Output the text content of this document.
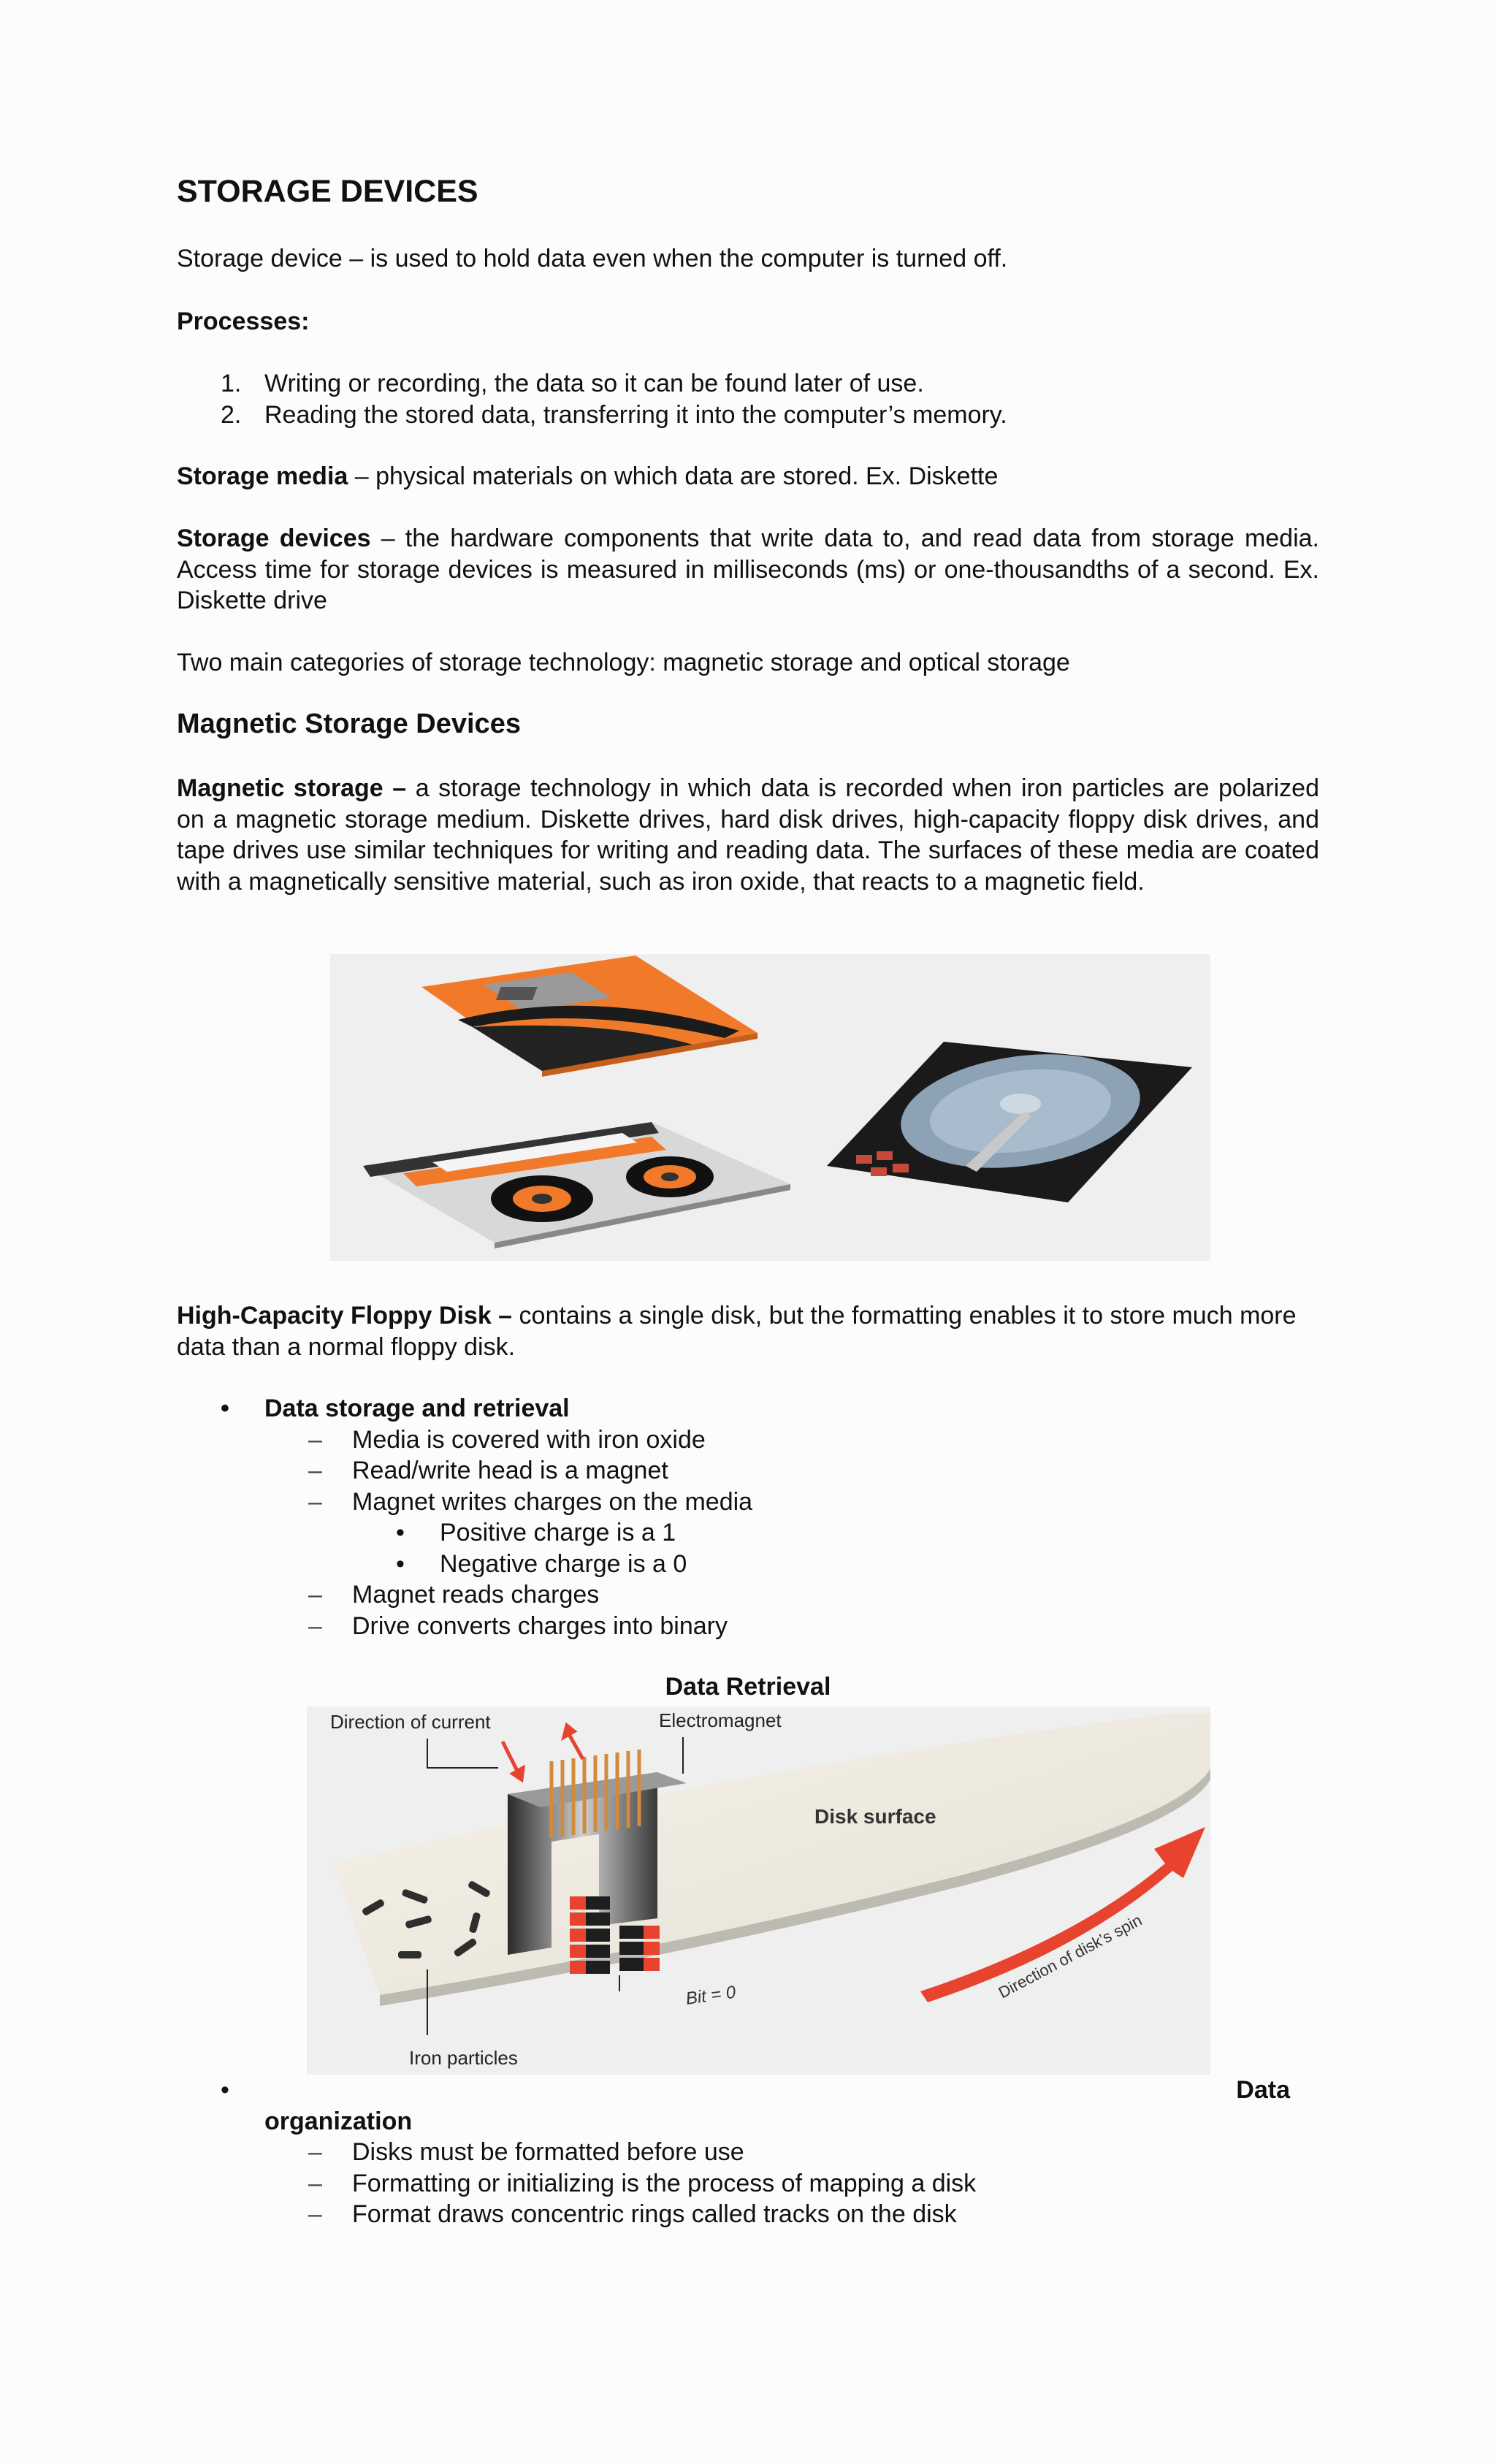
STORAGE DEVICES

Storage device – is used to hold data even when the computer is turned off.

Processes:

1. Writing or recording, the data so it can be found later of use.
2. Reading the stored data, transferring it into the computer’s memory.

Storage media – physical materials on which data are stored. Ex. Diskette

Storage devices – the hardware components that write data to, and read data from storage media. Access time for storage devices is measured in milliseconds (ms) or one-thousandths of a second. Ex. Diskette drive

Two main categories of storage technology: magnetic storage and optical storage

Magnetic Storage Devices

Magnetic storage – a storage technology in which data is recorded when iron particles are polarized on a magnetic storage medium. Diskette drives, hard disk drives, high-capacity floppy disk drives, and tape drives use similar techniques for writing and reading data. The surfaces of these media are coated with a magnetically sensitive material, such as iron oxide, that reacts to a magnetic field.

High-Capacity Floppy Disk – contains a single disk, but the formatting enables it to store much more data than a normal floppy disk.

• Data storage and retrieval
– Media is covered with iron oxide
– Read/write head is a magnet
– Magnet writes charges on the media
• Positive charge is a 1
• Negative charge is a 0
– Magnet reads charges
– Drive converts charges into binary
•	Data
organization
– Disks must be formatted before use
– Formatting or initializing is the process of mapping a disk
– Format draws concentric rings called tracks on the disk
Data Retrieval
Direction of current	Electromagnet
Disk surface
Direction of disk’s spin
Bit = 0
Iron particles
